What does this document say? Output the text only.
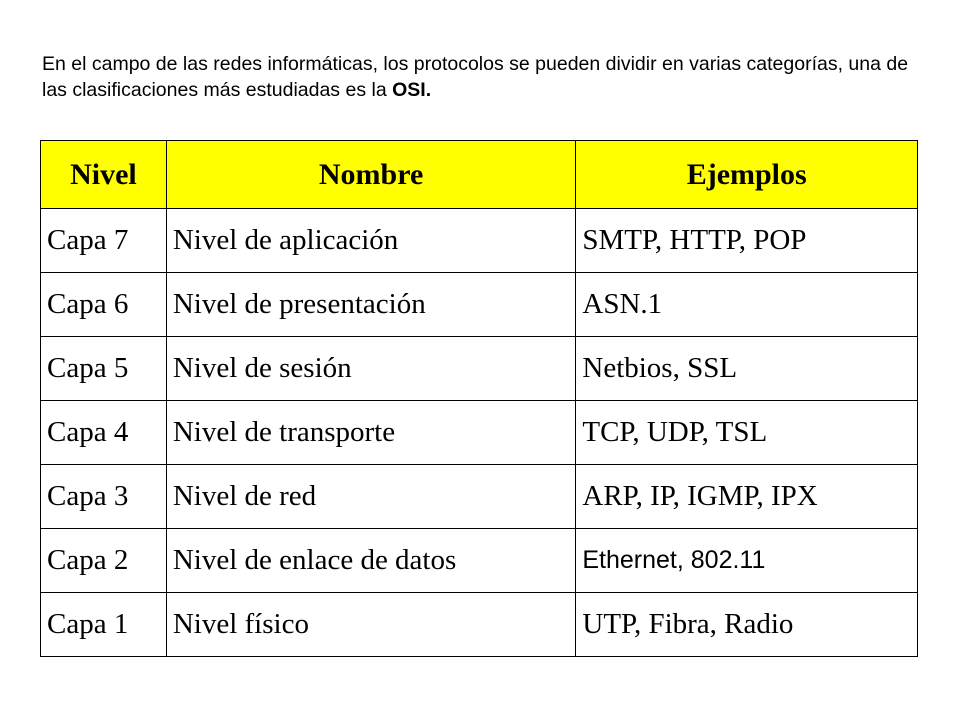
En el campo de las redes informáticas, los protocolos se pueden dividir en varias categorías, una de las clasificaciones más estudiadas es la OSI.

Nivel	Nombre	Ejemplos
Capa 7	Nivel de aplicación	SMTP, HTTP, POP
Capa 6	Nivel de presentación	ASN.1
Capa 5	Nivel de sesión	Netbios, SSL
Capa 4	Nivel de transporte	TCP, UDP, TSL
Capa 3	Nivel de red	ARP, IP, IGMP, IPX
Capa 2	Nivel de enlace de datos	Ethernet, 802.11
Capa 1	Nivel físico	UTP, Fibra, Radio
